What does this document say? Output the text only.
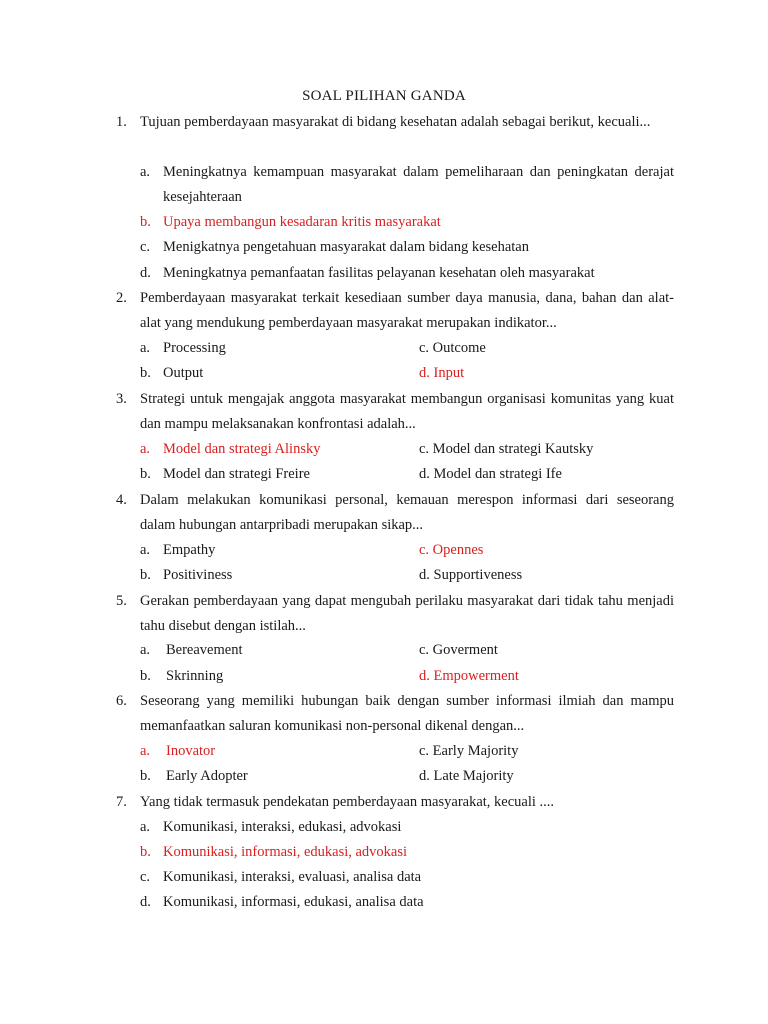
SOAL PILIHAN GANDA
1. Tujuan pemberdayaan masyarakat di bidang kesehatan adalah sebagai berikut, kecuali...
a. Meningkatnya kemampuan masyarakat dalam pemeliharaan dan peningkatan derajat kesejahteraan
b. Upaya membangun kesadaran kritis masyarakat
c. Menigkatnya pengetahuan masyarakat dalam bidang kesehatan
d. Meningkatnya pemanfaatan fasilitas pelayanan kesehatan oleh masyarakat
2. Pemberdayaan masyarakat terkait kesediaan sumber daya manusia, dana, bahan dan alat-alat yang mendukung pemberdayaan masyarakat merupakan indikator...
a. Processing	c. Outcome
b. Output	d. Input
3. Strategi untuk mengajak anggota masyarakat membangun organisasi komunitas yang kuat dan mampu melaksanakan konfrontasi adalah...
a. Model dan strategi Alinsky	c. Model dan strategi Kautsky
b. Model dan strategi Freire	d. Model dan strategi Ife
4. Dalam melakukan komunikasi personal, kemauan merespon informasi dari seseorang dalam hubungan antarpribadi merupakan sikap...
a. Empathy	c. Opennes
b. Positiviness	d. Supportiveness
5. Gerakan pemberdayaan yang dapat mengubah perilaku masyarakat dari tidak tahu menjadi tahu disebut dengan istilah...
a. Bereavement	c. Goverment
b. Skrinning	d. Empowerment
6. Seseorang yang memiliki hubungan baik dengan sumber informasi ilmiah dan mampu memanfaatkan saluran komunikasi non-personal dikenal dengan...
a. Inovator	c. Early Majority
b. Early Adopter	d. Late Majority
7. Yang tidak termasuk pendekatan pemberdayaan masyarakat, kecuali ....
a. Komunikasi, interaksi, edukasi, advokasi
b. Komunikasi, informasi, edukasi, advokasi
c. Komunikasi, interaksi, evaluasi, analisa data
d. Komunikasi, informasi, edukasi, analisa data
